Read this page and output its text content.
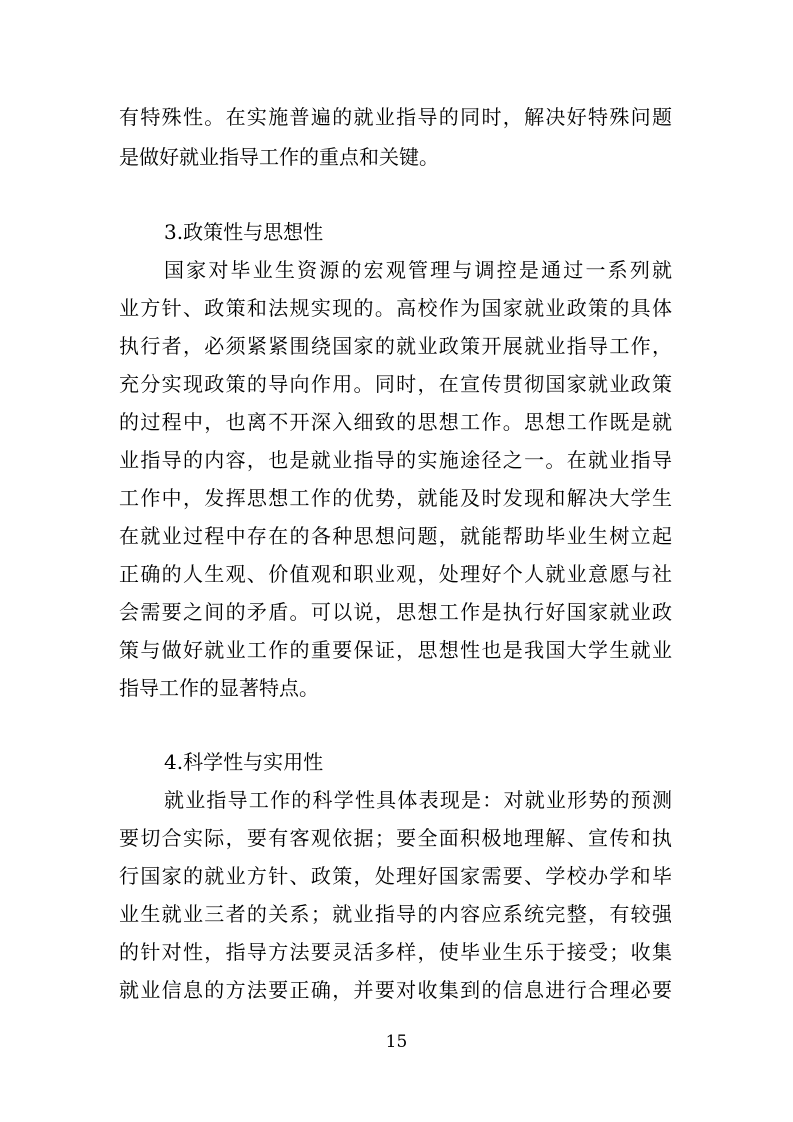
有特殊性。在实施普遍的就业指导的同时，解决好特殊问题
是做好就业指导工作的重点和关键。
3.政策性与思想性
国家对毕业生资源的宏观管理与调控是通过一系列就
业方针、政策和法规实现的。高校作为国家就业政策的具体
执行者，必须紧紧围绕国家的就业政策开展就业指导工作，
充分实现政策的导向作用。同时，在宣传贯彻国家就业政策
的过程中，也离不开深入细致的思想工作。思想工作既是就
业指导的内容，也是就业指导的实施途径之一。在就业指导
工作中，发挥思想工作的优势，就能及时发现和解决大学生
在就业过程中存在的各种思想问题，就能帮助毕业生树立起
正确的人生观、价值观和职业观，处理好个人就业意愿与社
会需要之间的矛盾。可以说，思想工作是执行好国家就业政
策与做好就业工作的重要保证，思想性也是我国大学生就业
指导工作的显著特点。
4.科学性与实用性
就业指导工作的科学性具体表现是：对就业形势的预测
要切合实际，要有客观依据；要全面积极地理解、宣传和执
行国家的就业方针、政策，处理好国家需要、学校办学和毕
业生就业三者的关系；就业指导的内容应系统完整，有较强
的针对性，指导方法要灵活多样，使毕业生乐于接受；收集
就业信息的方法要正确，并要对收集到的信息进行合理必要
15
